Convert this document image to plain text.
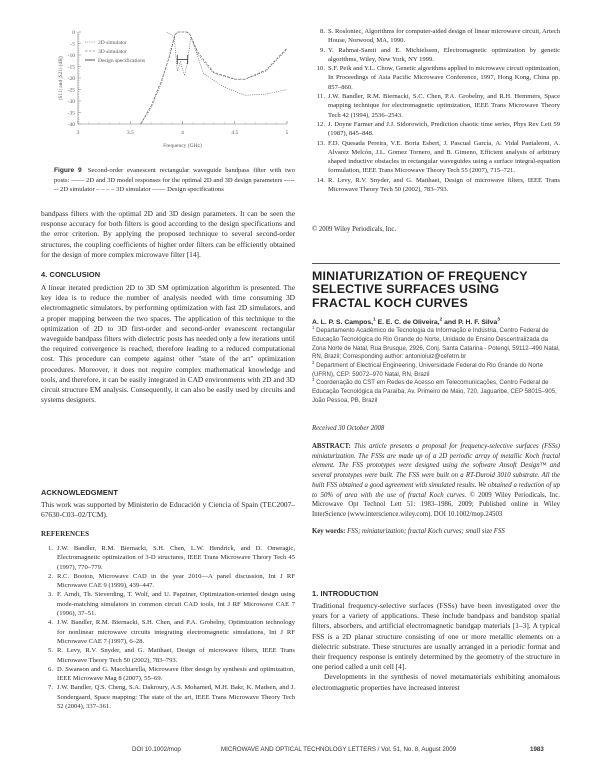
0
-5
-10
-15
-20
-25
-30
-35
-40
3	3.5	4	4.5	5
Frequency (GHz)
|S11| and |S21| (dB)
2D simulator
3D simulator
Design specifications
Figure 9 Second-order evanescent rectangular waveguide bandpass filter with two posts: —— 2D and 3D model responses for the optimal 2D and 3D design parameters ------- 2D simulator – – – – 3D simulator —— Design specifications

bandpass filters with the optimal 2D and 3D design parameters. It can be seen the response accuracy for both filters is good according to the design specifications and the error criterion. By applying the proposed technique to several second-order structures, the coupling coefficients of higher order filters can be efficiently obtained for the design of more complex microwave filter [14].

4. CONCLUSION

A linear iterated prediction 2D to 3D SM optimization algorithm is presented. The key idea is to reduce the number of analysis needed with time consuming 3D electromagnetic simulators, by performing optimization with fast 2D simulators, and a proper mapping between the two spaces. The application of this technique to the optimization of 2D to 3D first-order and second-order evanescent rectangular waveguide bandpass filters with dielectric posts has needed only a few iterations until the required convergence is reached, therefore leading to a reduced computational cost. This procedure can compete against other "state of the art" optimization procedures. Moreover, it does not require complex mathematical knowledge and tools, and therefore, it can be easily integrated in CAD environments with 2D and 3D circuit structure EM analysis. Consequently, it can also be easily used by circuits and systems designers.

ACKNOWLEDGMENT

This work was supported by Ministerio de Educación y Ciencia of Spain (TEC2007–67630-C03–02/TCM).

REFERENCES
1. J.W. Bandler, R.M. Biernacki, S.H. Chen, L.W. Hendrick, and D. Omeragic, Electromagnetic optimization of 3-D structures, IEEE Trans Microwave Theory Tech 45 (1997), 770–779.
2. R.C. Booton, Microwave CAD in the year 2010—A panel discussion, Int J RF Microwave CAE 9 (1999), 439–447.
3. F. Arndt, Th. Sieverding, T. Wolf, and U. Papziner, Optimization-oriented design using mode-matching simulators in common circuit CAD tools, Int J RF Microwave CAE 7 (1996), 37–51.
4. J.W. Bandler, R.M. Biernacki, S.H. Chen, and P.A. Grobelny, Optimization technology for nonlinear microwave circuits integrating electromagnetic simulations, Int J RF Microwave CAE 7 (1997), 6–28.
5. R. Levy, R.V. Snyder, and G. Matthaei, Design of microwave filters, IEEE Trans Microwave Theory Tech 50 (2002), 783–793.
6. D. Swanson and G. Macchiarella, Microwave filter design by synthesis and optimization, IEEE Microwave Mag 8 (2007), 55–69.
7. J.W. Bandler, Q.S. Cheng, S.A. Dakroury, A.S. Mohamed, M.H. Bakr, K. Madsen, and J. Sondergaard, Space mapping: The state of the art, IEEE Trans Microwave Theory Tech 52 (2004), 337–361.
8. S. Rosloniec, Algorithms for computer-aided design of linear microwave circuit, Artech House, Norwood, MA, 1990.
9. Y. Rahmat-Samii and E. Michielssen, Electromagnetic optimization by genetic algorithms, Wiley, New York, NY 1999.
10. S.F. Peik and Y.L. Chow, Genetic algorithms applied to microwave circuit optimization, In Proceedings of Asia Pacific Microwave Conference, 1997, Hong Kong, China pp. 857–860.
11. J.W. Bandler, R.M. Biernacki, S.C. Chen, P.A. Grobelny, and R.H. Hemmers, Space mapping technique for electromagnetic optimization, IEEE Trans Microwave Theory Tech 42 (1994), 2536–2543.
12. J. Doyne Farmer and J.J. Sidorowich, Prediction chaotic time series, Phys Rev Lett 59 (1987), 845–848.
13. F.D. Quesada Pereira, V.E. Boria Esbert, J. Pascual García, A. Vidal Pantaleoni, A. Alvarez Melcón, J.L. Gomez Tornero, and B. Gimeno, Efficient analysis of arbitrary shaped inductive obstacles in rectangular waveguides using a surface integral-equation formulation, IEEE Trans Microwave Theory Tech 55 (2007), 715–721.
14. R. Levy, R.V. Snyder, and G. Matthaei, Design of microwave filters, IEEE Trans Microwave Theory Tech 50 (2002), 783–793.

© 2009 Wiley Periodicals, Inc.

MINIATURIZATION OF FREQUENCY
SELECTIVE SURFACES USING
FRACTAL KOCH CURVES

A. L. P. S. Campos,$^1$ E. E. C. de Oliveira,$^2$ and P. H. F. Silva$^3$

$^1$ Departamento Acadêmico de Tecnologia da Informação e Indústria, Centro Federal de Educação Tecnológica do Rio Grande do Norte, Unidade de Ensino Descentralizada da Zona Norte de Natal, Rua Brusque, 2926, Conj. Santa Catarina - Potengi, 59112–490 Natal, RN, Brazil; Corresponding author: antonioluiz@cefetrn.br

$^2$ Department of Electrical Engineering, Universidade Federal do Rio Grande do Norte (UFRN), CEP: 59072–970 Natal, RN, Brazil

$^3$ Coordenação do CST em Redes de Acesso em Telecomunicações, Centro Federal de Educação Tecnológica da Paraíba, Av. Primeiro de Maio, 720, Jaguaribe, CEP 58015–905, João Pessoa, PB, Brazil

Received 30 October 2008

ABSTRACT: This article presents a proposal for frequency-selective surfaces (FSSs) miniaturization. The FSSs are made up of a 2D periodic array of metallic Koch fractal element. The FSS prototypes were designed using the software Ansoft Design™ and several prototypes were built. The FSS were built on a RT-Duroid 3010 substrate. All the built FSS obtained a good agreement with simulated results. We obtained a reduction of up to 50% of area with the use of fractal Koch curves. © 2009 Wiley Periodicals, Inc. Microwave Opt Technol Lett 51: 1983–1986, 2009; Published online in Wiley InterScience (www.interscience.wiley.com). DOI 10.1002/mop.24503

Key words: FSS; miniaturization; fractal Koch curves; small size FSS

1. INTRODUCTION

Traditional frequency-selective surfaces (FSSs) have been investigated over the years for a variety of applications. These include bandpass and bandstop spatial filters, absorbers, and artificial electromagnetic bandgap materials [1–3]. A typical FSS is a 2D planar structure consisting of one or more metallic elements on a dielectric substrate. These structures are usually arranged in a periodic format and their frequency response is entirely determined by the geometry of the structure in one period called a unit cell [4].

Developments in the synthesis of novel metamaterials exhibiting anomalous electromagnetic properties have increased interest

DOI 10.1002/mop	MICROWAVE AND OPTICAL TECHNOLOGY LETTERS / Vol. 51, No. 8, August 2009	1983
